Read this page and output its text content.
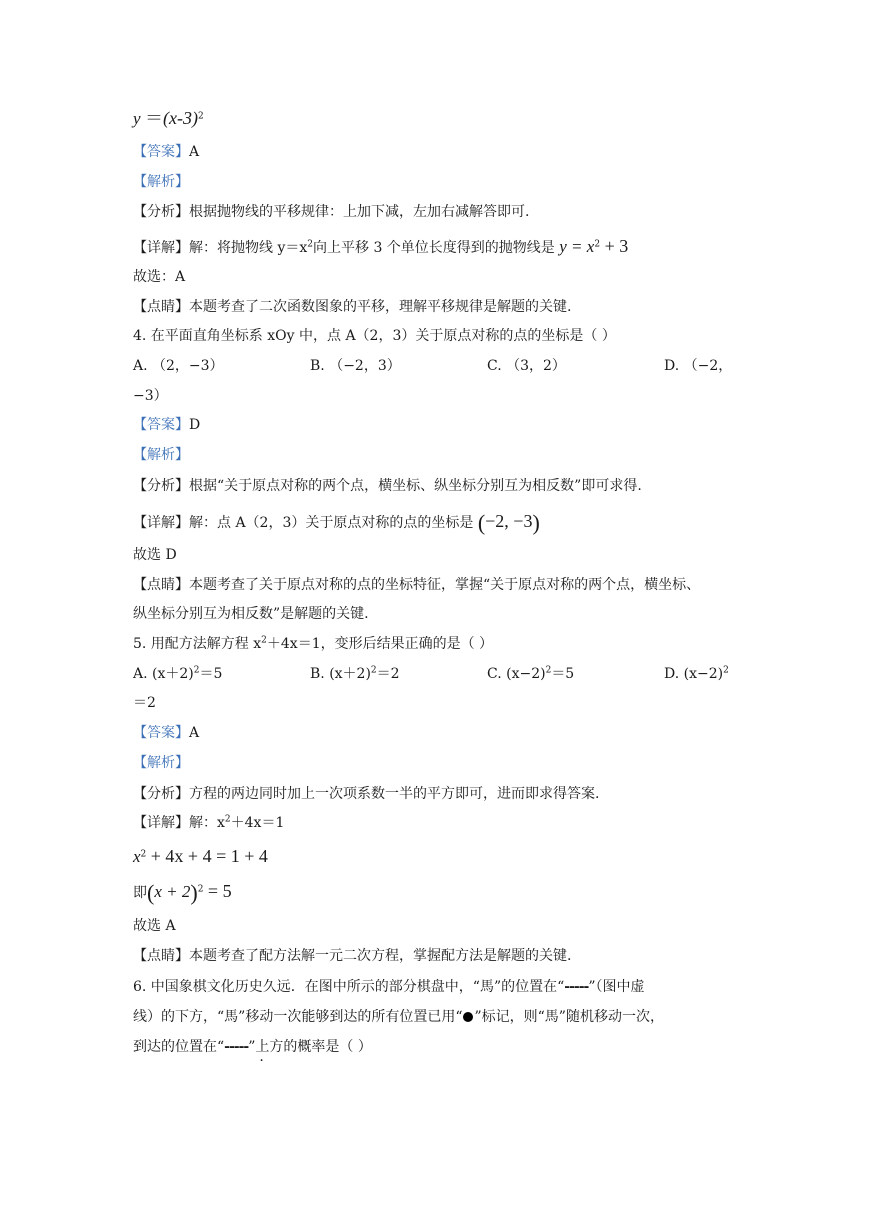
$y =(x-3)^2$
【答案】A
【解析】
【分析】根据抛物线的平移规律：上加下减，左加右减解答即可.
【详解】解：将抛物线 $y=x^2$向上平移 3 个单位长度得到的抛物线是 $y = x^2 + 3$
故选：A
【点睛】本题考查了二次函数图象的平移，理解平移规律是解题的关键.
4. 在平面直角坐标系 xOy 中，点 A（2，3）关于原点对称的点的坐标是（ ）
A. （2，−3）	B. （−2，3）	C. （3，2）	D. （−2，
−3）
【答案】D
【解析】
【分析】根据“关于原点对称的两个点，横坐标、纵坐标分别互为相反数”即可求得.
【详解】解：点 A（2，3）关于原点对称的点的坐标是 (−2, −3)
故选 D
【点睛】本题考查了关于原点对称的点的坐标特征，掌握“关于原点对称的两个点，横坐标、
纵坐标分别互为相反数”是解题的关键.
5. 用配方法解方程 $x^2+4x=1$，变形后结果正确的是（ ）
A. $(x+2)^2=5$	B. $(x+2)^2=2$	C. $(x-2)^2=5$	D. $(x-2)^2$
＝2
【答案】A
【解析】
【分析】方程的两边同时加上一次项系数一半的平方即可，进而即求得答案.
【详解】解：$x^2+4x=1$
$x^2 + 4x + 4 = 1 + 4$
即$(x + 2)^2 = 5$
故选 A
【点睛】本题考查了配方法解一元二次方程，掌握配方法是解题的关键.
6. 中国象棋文化历史久远．在图中所示的部分棋盘中，“馬”的位置在“-----”（图中虚
线）的下方，“馬”移动一次能够到达的所有位置已用“ ”标记，则“馬”随机移动一次，
到达的位置在“-----”上方的概率是（ ）
